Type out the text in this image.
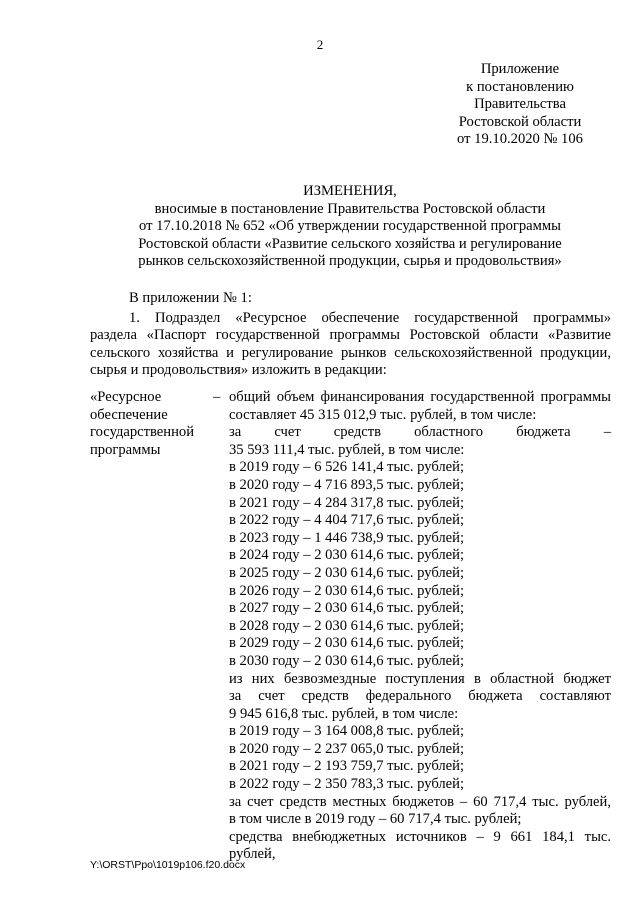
2
Приложение
к постановлению
Правительства
Ростовской области
от 19.10.2020 № 106
ИЗМЕНЕНИЯ,
вносимые в постановление Правительства Ростовской области
от 17.10.2018 № 652 «Об утверждении государственной программы
Ростовской области «Развитие сельского хозяйства и регулирование
рынков сельскохозяйственной продукции, сырья и продовольствия»
В приложении № 1:
1. Подраздел «Ресурсное обеспечение государственной программы»
раздела «Паспорт государственной программы Ростовской области «Развитие
сельского хозяйства и регулирование рынков сельскохозяйственной продукции,
сырья и продовольствия» изложить в редакции:
«Ресурсное
обеспечение
государственной
программы
– общий объем финансирования государственной программы
составляет 45 315 012,9 тыс. рублей, в том числе:
за счет средств областного бюджета –
35 593 111,4 тыс. рублей, в том числе:
в 2019 году – 6 526 141,4 тыс. рублей;
в 2020 году – 4 716 893,5 тыс. рублей;
в 2021 году – 4 284 317,8 тыс. рублей;
в 2022 году – 4 404 717,6 тыс. рублей;
в 2023 году – 1 446 738,9 тыс. рублей;
в 2024 году – 2 030 614,6 тыс. рублей;
в 2025 году – 2 030 614,6 тыс. рублей;
в 2026 году – 2 030 614,6 тыс. рублей;
в 2027 году – 2 030 614,6 тыс. рублей;
в 2028 году – 2 030 614,6 тыс. рублей;
в 2029 году – 2 030 614,6 тыс. рублей;
в 2030 году – 2 030 614,6 тыс. рублей;
из них безвозмездные поступления в областной бюджет
за счет средств федерального бюджета составляют
9 945 616,8 тыс. рублей, в том числе:
в 2019 году – 3 164 008,8 тыс. рублей;
в 2020 году – 2 237 065,0 тыс. рублей;
в 2021 году – 2 193 759,7 тыс. рублей;
в 2022 году – 2 350 783,3 тыс. рублей;
за счет средств местных бюджетов – 60 717,4 тыс. рублей,
в том числе в 2019 году – 60 717,4 тыс. рублей;
средства внебюджетных источников – 9 661 184,1 тыс. рублей,
Y:\ORST\Ppo\1019p106.f20.docx
